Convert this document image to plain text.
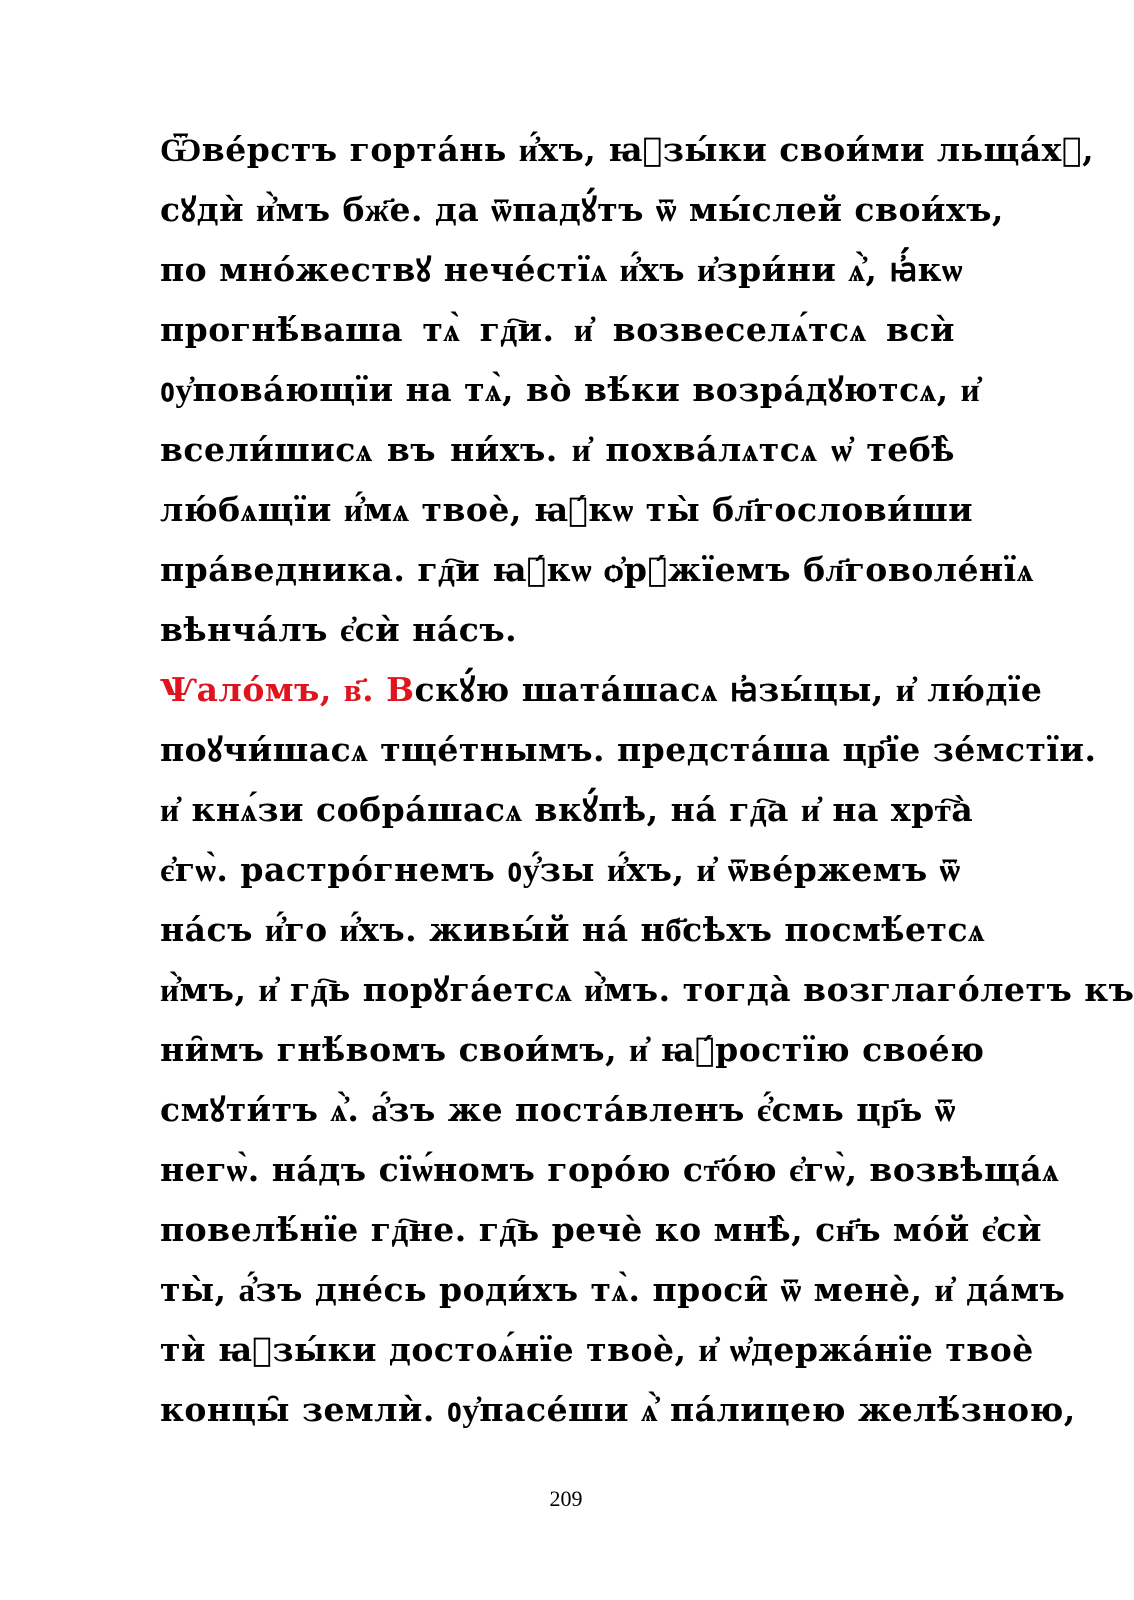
Ѿве́рстъ горта́нь и҆́хъ, ꙗ҆зы́ки свои́ми льща́хꙋ,
сꙋдѝ и҆̀мъ бж҃е. да ѿпадꙋ́тъ ѿ мы́слей свои́хъ,
по мно́жествꙋ нече́стїѧ и҆́хъ и҆зри́ни ѧ҆̀, ꙗ҆́кѡ
прогнѣ́ваша тѧ̀ гд҇и. и҆ возвеселѧ́тсѧ всѝ
ᲂу҆пова́ющїи на тѧ̀, во̀ вѣ́ки возра́дꙋютсѧ, и҆
всели́шисѧ въ ни́хъ. и҆ похва́лѧтсѧ ѡ҆ тебѣ̀
лю́бѧщїи и҆́мѧ твоѐ, ꙗ҆́кѡ ты̀ бл҃гослови́ши
пра́ведника. гд҇и ꙗ҆́кѡ ѻ҆рꙋ́жїемъ бл҃говоле́нїѧ
вѣнча́лъ є҆сѝ на́съ.
Ѱало́мъ, в҃. Вскꙋ́ю шата́шасѧ ꙗ҆зы́цы, и҆ лю́дїе
поꙋчи́шасѧ тще́тнымъ. предста́ша цр҃їе зе́мстїи.
и҆ кнѧ́зи собра́шасѧ вкꙋ́пѣ, на́ гд҇а и҆ на хрт҇а̀
є҆гѡ̀. растро́гнемъ ᲂу҆́зы и҆́хъ, и҆ ѿве́ржемъ ѿ
на́съ и҆́го и҆́хъ. живы́й на́ нб҃сѣхъ посмѣ́етсѧ
и҆̀мъ, и҆ гд҇ь порꙋга́етсѧ и҆̀мъ. тогда̀ возглаго́летъ къ
ни̑мъ гнѣ́вомъ свои́мъ, и҆ ꙗ҆́ростїю свое́ю
смꙋти́тъ ѧ҆̀. а҆́зъ же поста́вленъ є҆́смь цр҃ь ѿ
негѡ̀. на́дъ сїѡ́номъ горо́ю ст҃о́ю є҆гѡ̀, возвѣща́ѧ
повелѣ́нїе гд҇не. гд҇ь речѐ ко мнѣ̀, сн҃ъ мо́й є҆сѝ
ты̀, а҆́зъ дне́сь роди́хъ тѧ̀. проси̑ ѿ менѐ, и҆ да́мъ
тѝ ꙗ҆зы́ки достоѧ́нїе твоѐ, и҆ ѡ҆держа́нїе твоѐ
концы̑ землѝ. ᲂу҆пасе́ши ѧ҆̀ па́лицею желѣ́зною,
209
